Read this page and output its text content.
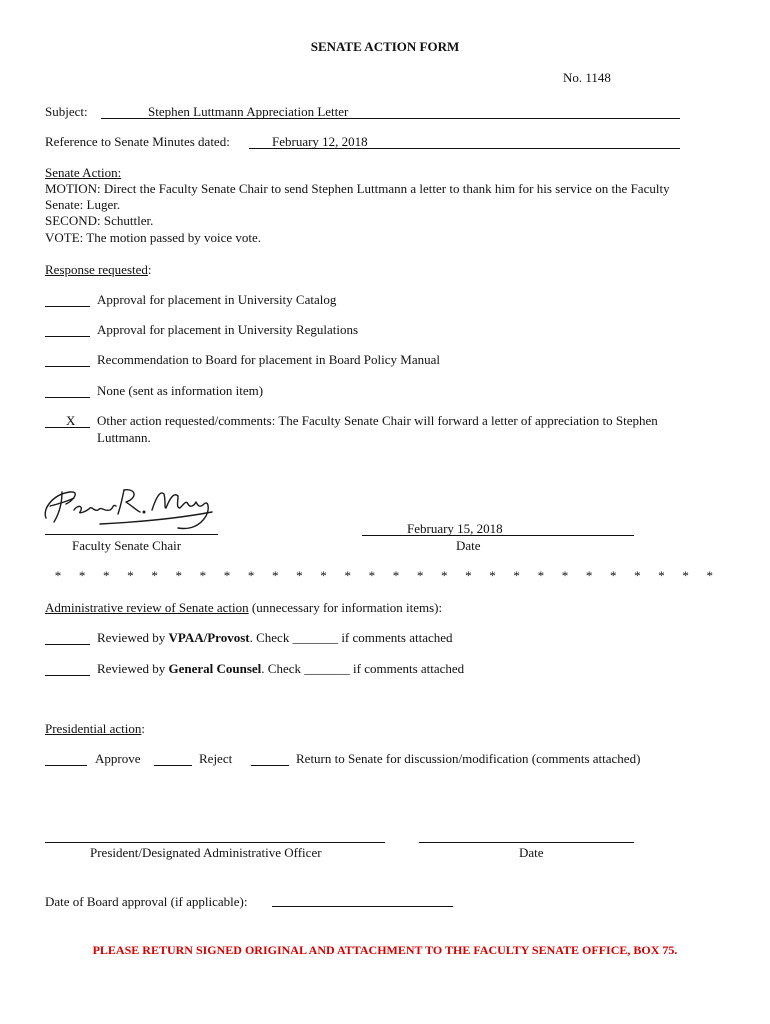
SENATE ACTION FORM
No. 1148
Subject:	Stephen Luttmann Appreciation Letter
Reference to Senate Minutes dated:	February 12, 2018
Senate Action:
MOTION: Direct the Faculty Senate Chair to send Stephen Luttmann a letter to thank him for his service on the Faculty
Senate: Luger.
SECOND: Schuttler.
VOTE: The motion passed by voice vote.
Response requested:
Approval for placement in University Catalog
Approval for placement in University Regulations
Recommendation to Board for placement in Board Policy Manual
None (sent as information item)
X Other action requested/comments: The Faculty Senate Chair will forward a letter of appreciation to Stephen
Luttmann.
Faculty Senate Chair
February 15, 2018
Date
* * * * * * * * * * * * * * * * * * * * * * * * * * * *
Administrative review of Senate action (unnecessary for information items):
Reviewed by VPAA/Provost. Check _______ if comments attached
Reviewed by General Counsel. Check _______ if comments attached
Presidential action:
Approve	Reject	Return to Senate for discussion/modification (comments attached)
President/Designated Administrative Officer	Date
Date of Board approval (if applicable):
PLEASE RETURN SIGNED ORIGINAL AND ATTACHMENT TO THE FACULTY SENATE OFFICE, BOX 75.
